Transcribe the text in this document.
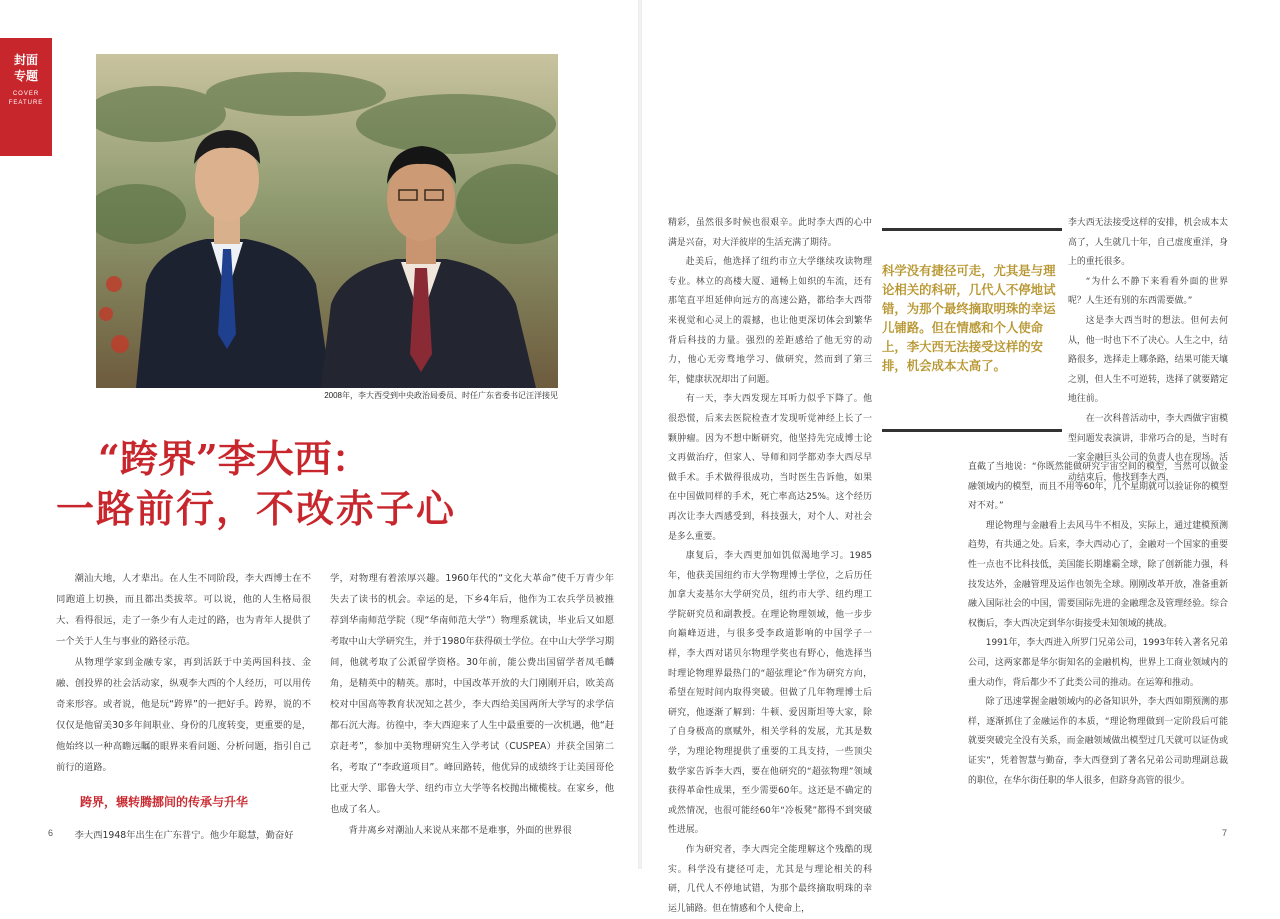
封面
专题
COVER
FEATURE
2008年，李大西受到中央政治局委员、时任广东省委书记汪洋接见
“跨界”李大西：
一路前行，不改赤子心

潮汕大地，人才辈出。在人生不同阶段，李大西博士在不同跑道上切换，而且都出类拔萃。可以说，他的人生格局很大、看得很远，走了一条少有人走过的路，也为青年人提供了一个关于人生与事业的路径示范。

从物理学家到金融专家，再到活跃于中美两国科技、金融、创投界的社会活动家，纵观李大西的个人经历，可以用传奇来形容。或者说，他是玩“跨界”的一把好手。跨界，说的不仅仅是他留美30多年间职业、身份的几度转变，更重要的是，他始终以一种高瞻远瞩的眼界来看问题、分析问题，指引自己前行的道路。

跨界，辗转腾挪间的传承与升华

李大西1948年出生在广东普宁。他少年聪慧，勤奋好

学，对物理有着浓厚兴趣。1960年代的“文化大革命”使千万青少年失去了读书的机会。幸运的是，下乡4年后，他作为工农兵学员被推荐到华南师范学院（现“华南师范大学”）物理系就读，毕业后又如愿考取中山大学研究生，并于1980年获得硕士学位。在中山大学学习期间，他就考取了公派留学资格。30年前，能公费出国留学者凤毛麟角，是精英中的精英。那时，中国改革开放的大门刚刚开启，欧美高校对中国高等教育状况知之甚少，李大西给美国两所大学写的求学信都石沉大海。彷徨中，李大西迎来了人生中最重要的一次机遇，他“赶京赶考”，参加中美物理研究生入学考试（CUSPEA）并获全国第二名，考取了“李政道项目”。峰回路转，他优异的成绩终于让美国哥伦比亚大学、耶鲁大学、纽约市立大学等名校抛出橄榄枝。在家乡，他也成了名人。

背井离乡对潮汕人来说从来都不是难事，外面的世界很

精彩，虽然很多时候也很艰辛。此时李大西的心中满是兴奋，对大洋彼岸的生活充满了期待。

赴美后，他选择了纽约市立大学继续攻读物理专业。林立的高楼大厦、通畅上如织的车流，还有那笔直平坦延伸向远方的高速公路，都给李大西带来视觉和心灵上的震撼，也让他更深切体会到繁华背后科技的力量。强烈的差距感给了他无穷的动力，他心无旁骛地学习、做研究，然而到了第三年，健康状况却出了问题。

有一天，李大西发现左耳听力似乎下降了。他很恐慌，后来去医院检查才发现听觉神经上长了一颗肿瘤。因为不想中断研究，他坚持先完成博士论文再做治疗，但家人、导师和同学都劝李大西尽早做手术。手术做得很成功，当时医生告诉他，如果在中国做同样的手术，死亡率高达25%。这个经历再次让李大西感受到，科技强大，对个人、对社会是多么重要。

康复后，李大西更加如饥似渴地学习。1985年，他获美国纽约市大学物理博士学位，之后历任加拿大麦基尔大学研究员，纽约市大学、纽约理工学院研究员和副教授。在理论物理领域，他一步步向巅峰迈进，与很多受李政道影响的中国学子一样，李大西对诺贝尔物理学奖也有野心，他选择当时理论物理界最热门的“超弦理论”作为研究方向，希望在短时间内取得突破。但做了几年物理博士后研究，他逐渐了解到：牛顿、爱因斯坦等大家，除了自身极高的禀赋外，相关学科的发展，尤其是数学，为理论物理提供了重要的工具支持，一些顶尖数学家告诉李大西，要在他研究的“超弦物理”领域获得革命性成果，至少需要60年。这还是不确定的或然情况，也很可能经60年“冷板凳”都得不到突破性进展。

作为研究者，李大西完全能理解这个残酷的现实。科学没有捷径可走，尤其是与理论相关的科研，几代人不停地试错，为那个最终摘取明珠的幸运儿铺路。但在情感和个人使命上，

科学没有捷径可走，尤其是与理论相关的科研，几代人不停地试错，为那个最终摘取明珠的幸运儿铺路。但在情感和个人使命上，李大西无法接受这样的安排，机会成本太高了。

李大西无法接受这样的安排，机会成本太高了，人生就几十年，自己虚度重洋，身上的重托很多。

“为什么不静下来看看外面的世界呢？人生还有别的东西需要做。”

这是李大西当时的想法。但何去何从，他一时也下不了决心。人生之中，结路很多，选择走上哪条路，结果可能天壤之别，但人生不可逆转，选择了就要踏定地往前。

在一次科普活动中，李大西做宇宙模型问题发表演讲，非常巧合的是，当时有一家金融巨头公司的负责人也在现场。活动结束后，他找到李大西，

直截了当地说：“你既然能做研究宇宙空间的模型，当然可以做金融领域内的模型，而且不用等60年，几个星期就可以验证你的模型对不对。”

理论物理与金融看上去风马牛不相及，实际上，通过建模预测趋势，有共通之处。后来，李大西动心了，金融对一个国家的重要性一点也不比科技低，美国能长期雄霸全球，除了创新能力强，科技发达外，金融管理及运作也领先全球。刚刚改革开放，准备重新融入国际社会的中国，需要国际先进的金融理念及管理经验。综合权衡后，李大西决定到华尔街接受未知领域的挑战。

1991年，李大西进入所罗门兄弟公司，1993年转入著名兄弟公司，这两家都是华尔街知名的金融机构，世界上工商业领域内的重大动作，背后都少不了此类公司的推动。在运筹和推动。

除了迅速掌握金融领域内的必备知识外，李大西如期预测的那样，逐渐抓住了金融运作的本质，“理论物理做到一定阶段后可能就要突破完全没有关系，而金融领域做出模型过几天就可以证伪或证实”，凭着智慧与勤奋，李大西登到了著名兄弟公司助理副总裁的职位，在华尔街任职的华人很多，但跻身高管的很少。

6	7
